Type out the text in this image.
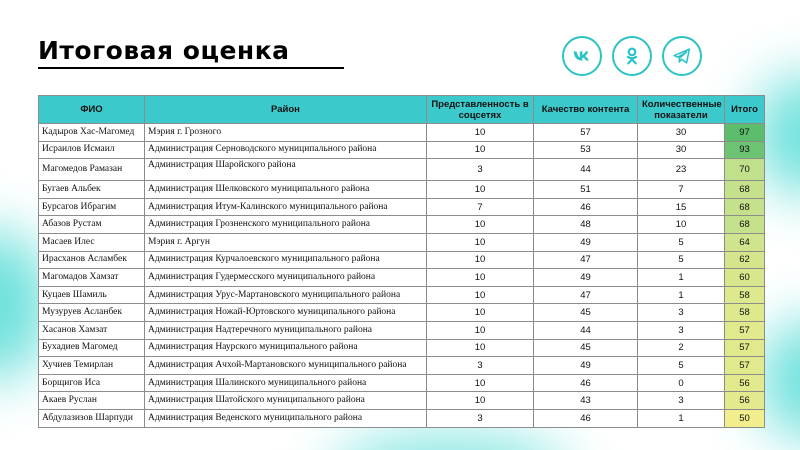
Итоговая оценка
ФИО	Район	Представленность в соцсетях	Качество контента	Количественные показатели	Итого
Кадыров Хас-Магомед	Мэрия г. Грозного	10	57	30	97
Исраилов Исмаил	Администрация Серноводского муниципального района	10	53	30	93
Магомедов Рамазан	Администрация Шаройского района	3	44	23	70
Бугаев Альбек	Администрация Шелковского муниципального района	10	51	7	68
Бурсагов Ибрагим	Администрация Итум-Калинского муниципального района	7	46	15	68
Абазов Рустам	Администрация Грозненского муниципального района	10	48	10	68
Масаев Илес	Мэрия г. Аргун	10	49	5	64
Ирасханов Асламбек	Администрация Курчалоевского муниципального района	10	47	5	62
Магомадов Хамзат	Администрация Гудермесского муниципального района	10	49	1	60
Куцаев Шамиль	Администрация Урус-Мартановского муниципального района	10	47	1	58
Музуруев Асланбек	Администрация Ножай-Юртовского муниципального района	10	45	3	58
Хасанов Хамзат	Администрация Надтеречного муниципального района	10	44	3	57
Бухадиев Магомед	Администрация Наурского муниципального района	10	45	2	57
Хучиев Темирлан	Администрация Ачхой-Мартановского муниципального района	3	49	5	57
Борщигов Иса	Администрация Шалинского муниципального района	10	46	0	56
Акаев Руслан	Администрация Шатойского муниципального района	10	43	3	56
Абдулазизов Шарпуди	Администрация Веденского муниципального района	3	46	1	50
